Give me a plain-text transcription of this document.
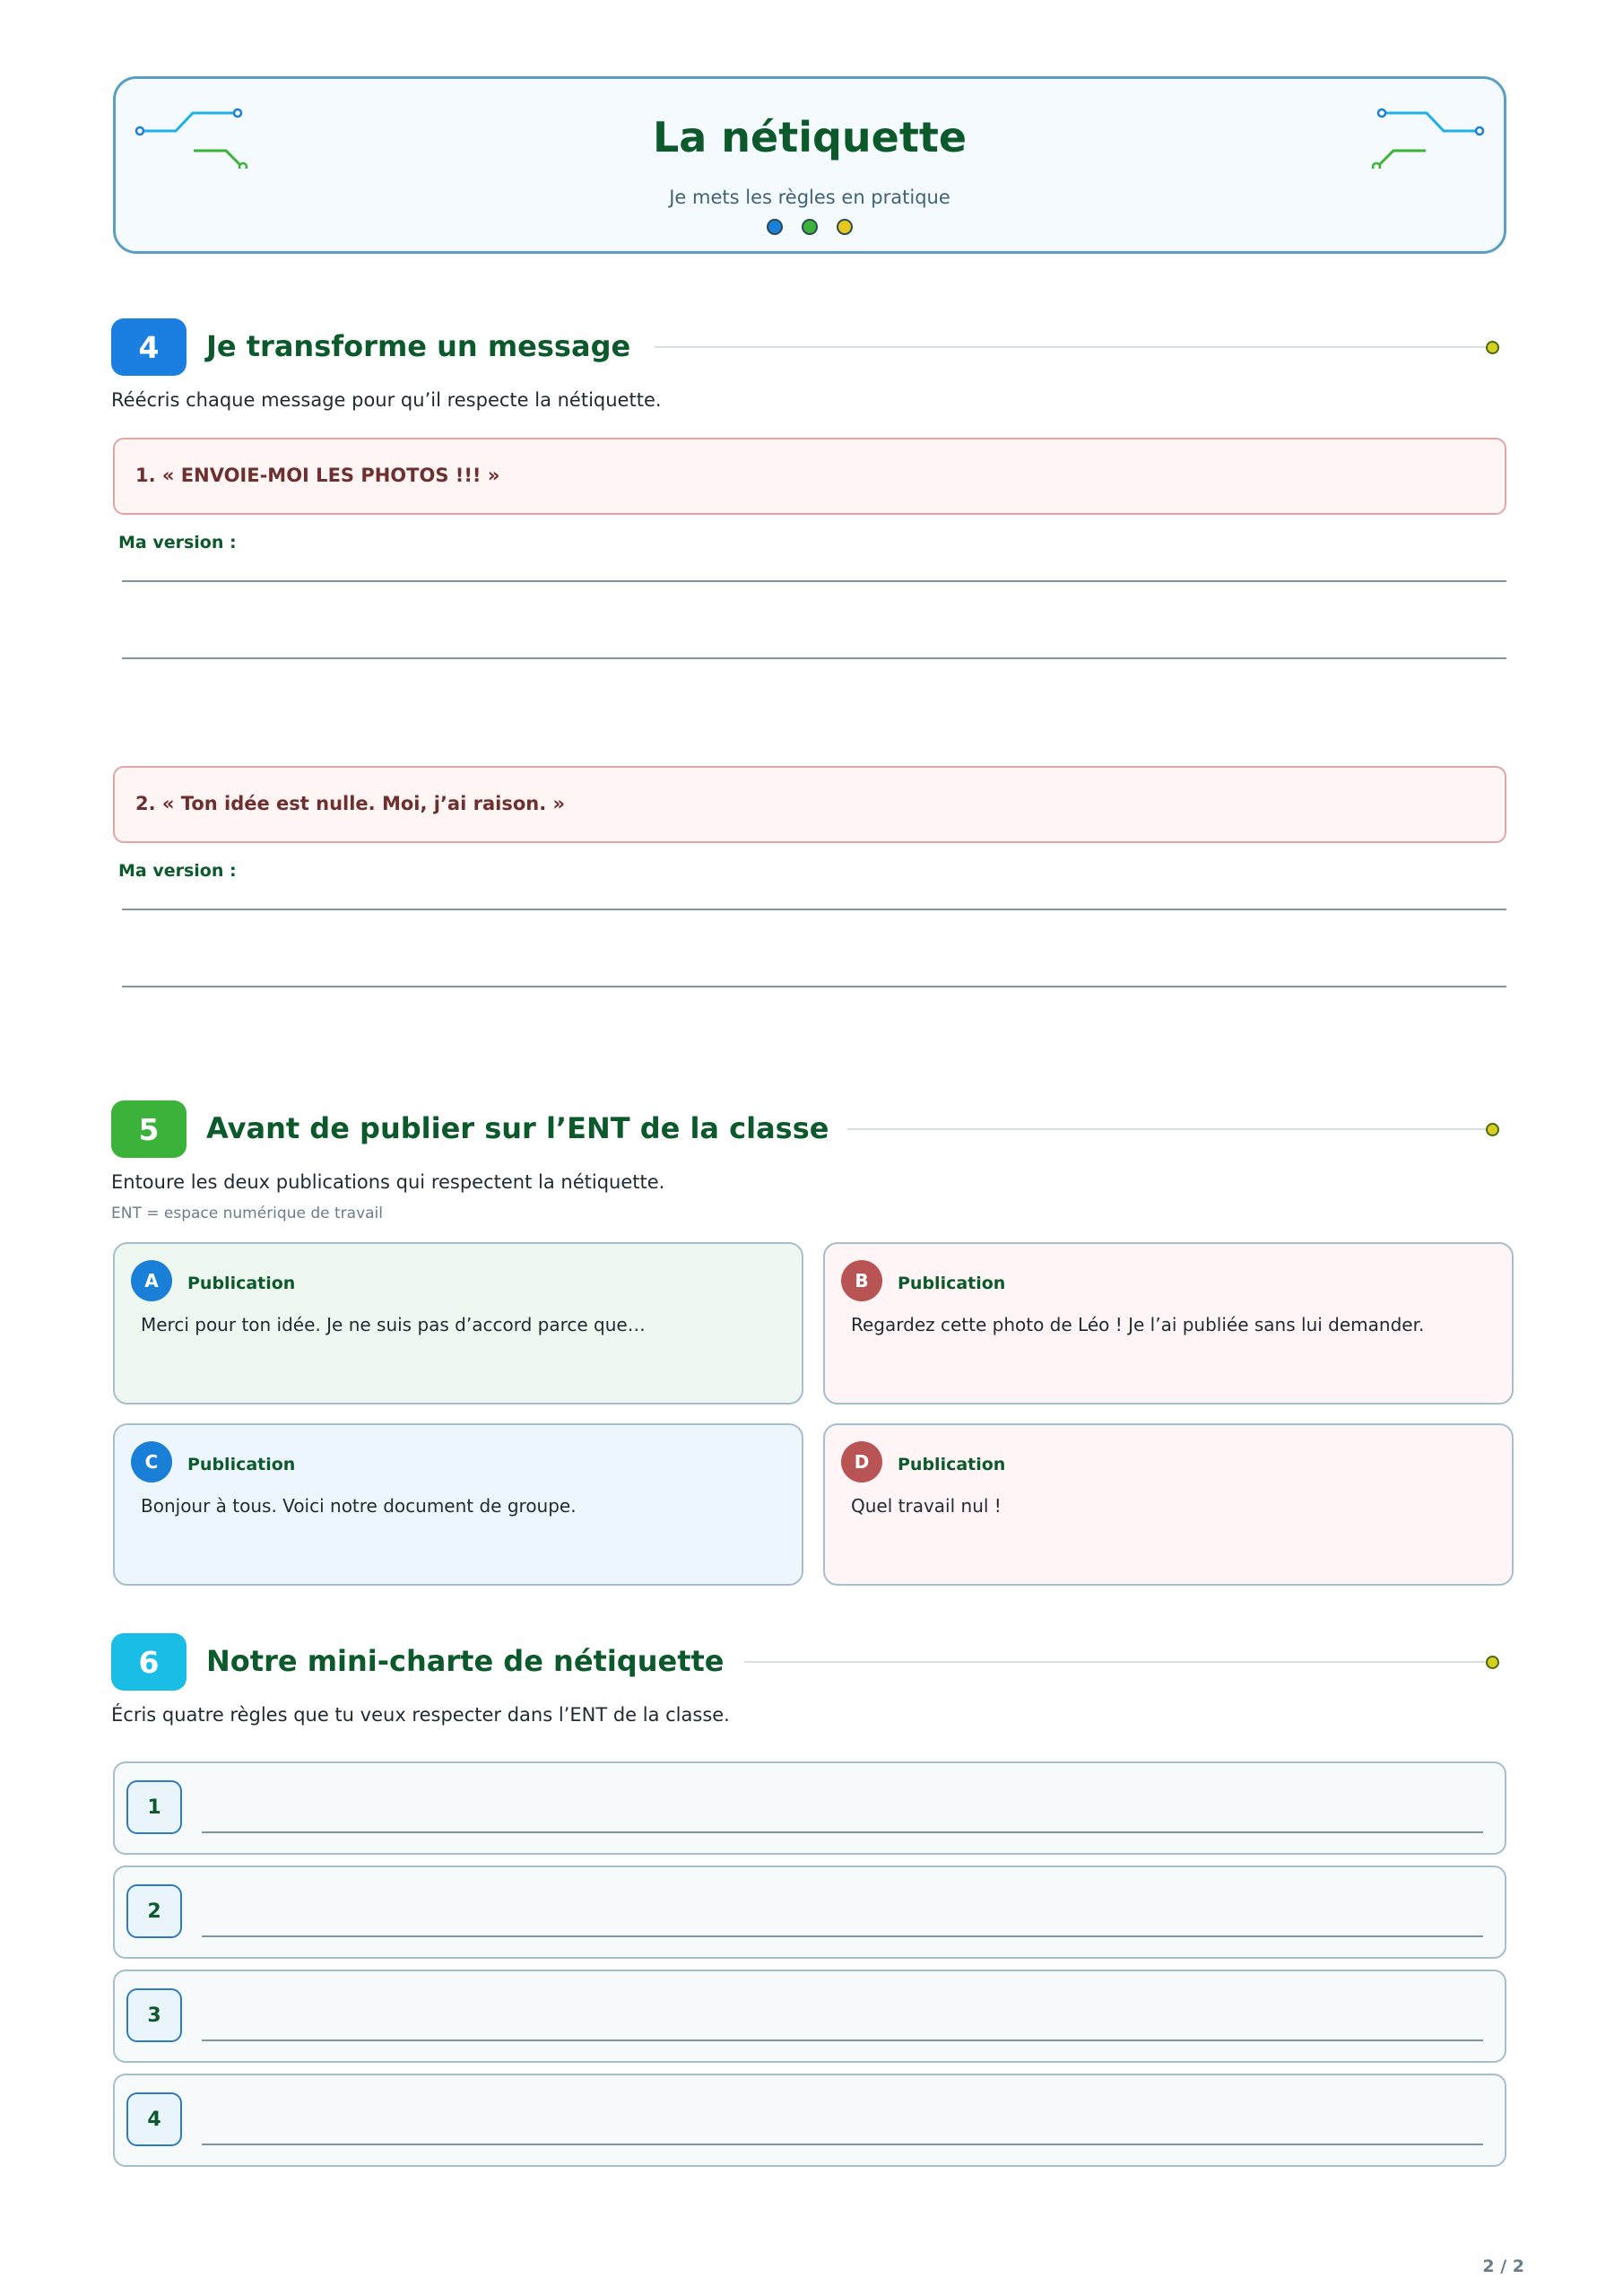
La nétiquette
Je mets les règles en pratique
4	Je transforme un message
Réécris chaque message pour qu’il respecte la nétiquette.
1. « ENVOIE-MOI LES PHOTOS !!! »
Ma version :
2. « Ton idée est nulle. Moi, j’ai raison. »
Ma version :
5	Avant de publier sur l’ENT de la classe
Entoure les deux publications qui respectent la nétiquette.
ENT = espace numérique de travail
A	Publication
Merci pour ton idée. Je ne suis pas d’accord parce que…
B	Publication
Regardez cette photo de Léo ! Je l’ai publiée sans lui demander.
C	Publication
Bonjour à tous. Voici notre document de groupe.
D	Publication
Quel travail nul !
6	Notre mini-charte de nétiquette
Écris quatre règles que tu veux respecter dans l’ENT de la classe.
1
2
3
4
2 / 2
